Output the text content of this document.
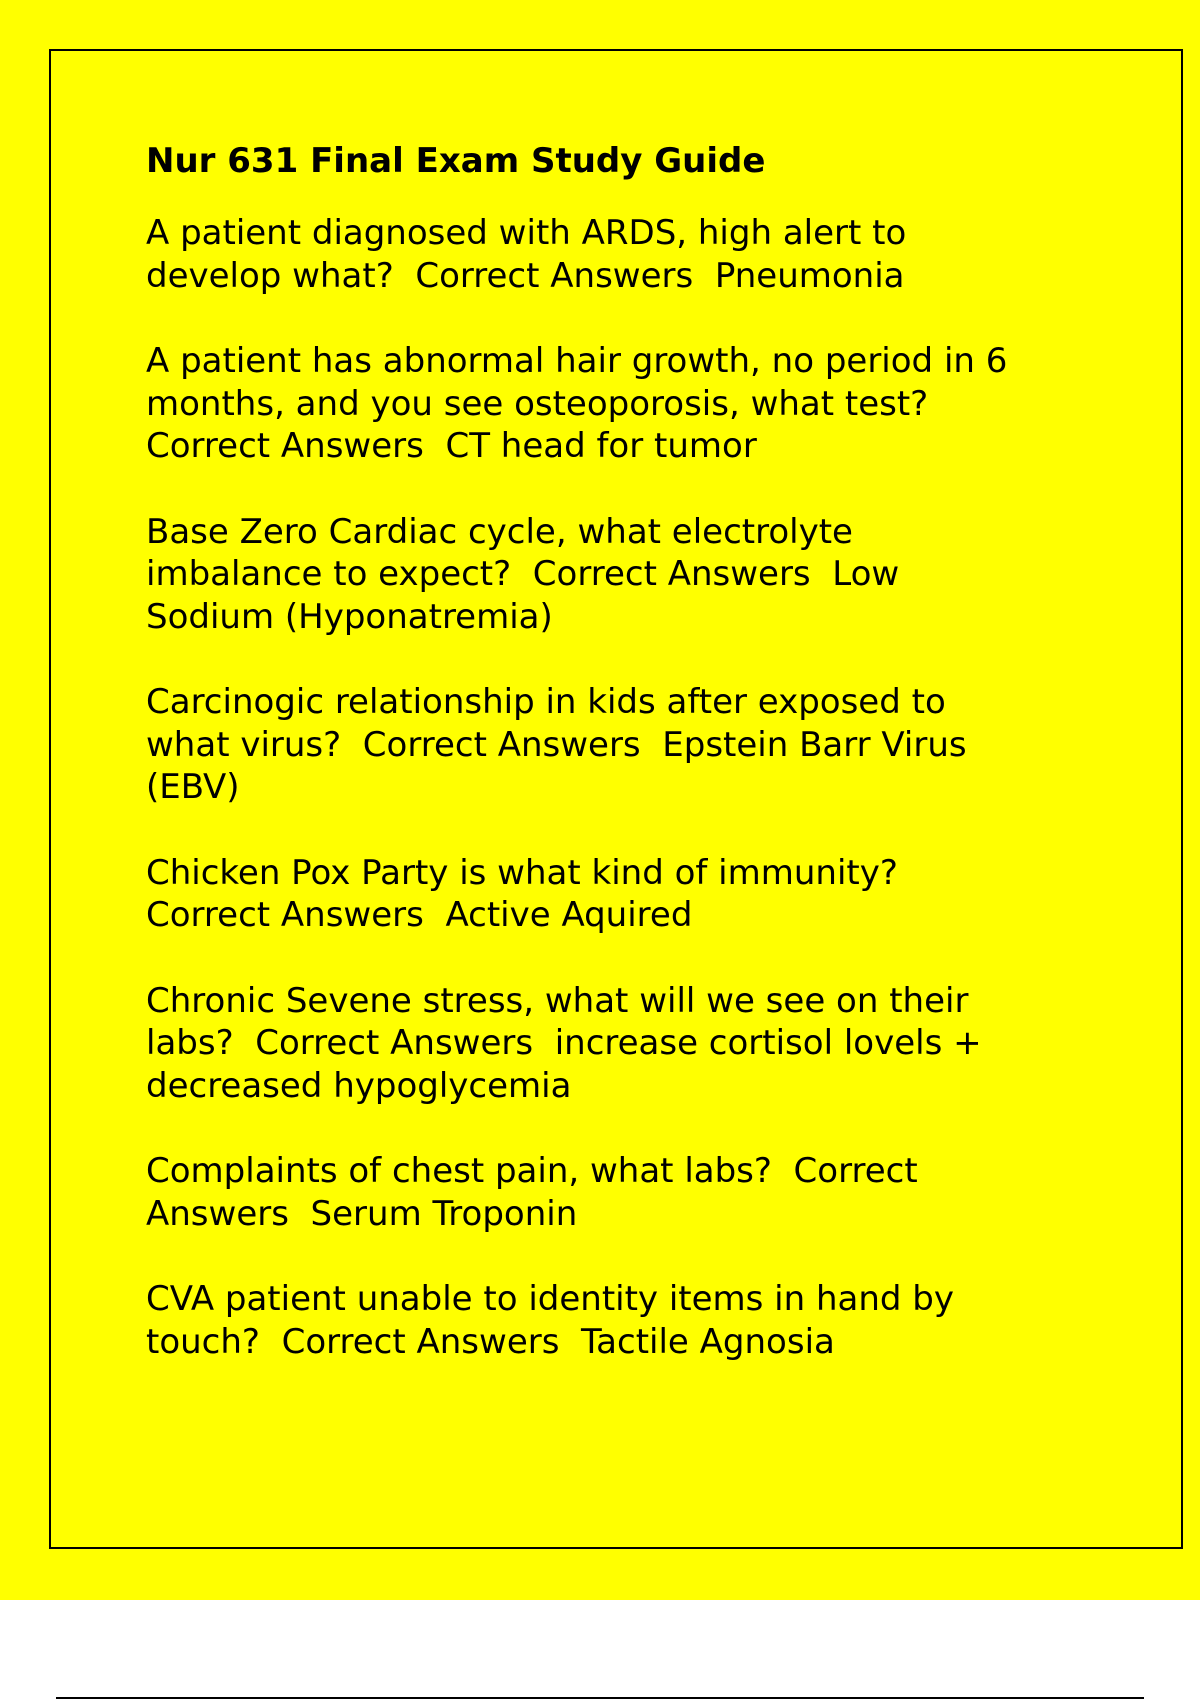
Nur 631 Final Exam Study Guide
A patient diagnosed with ARDS, high alert to
develop what?  Correct Answers  Pneumonia
A patient has abnormal hair growth, no period in 6
months, and you see osteoporosis, what test?
Correct Answers  CT head for tumor
Base Zero Cardiac cycle, what electrolyte
imbalance to expect?  Correct Answers  Low
Sodium (Hyponatremia)
Carcinogic relationship in kids after exposed to
what virus?  Correct Answers  Epstein Barr Virus
(EBV)
Chicken Pox Party is what kind of immunity?
Correct Answers  Active Aquired
Chronic Sevene stress, what will we see on their
labs?  Correct Answers  increase cortisol lovels +
decreased hypoglycemia
Complaints of chest pain, what labs?  Correct
Answers  Serum Troponin
CVA patient unable to identity items in hand by
touch?  Correct Answers  Tactile Agnosia
